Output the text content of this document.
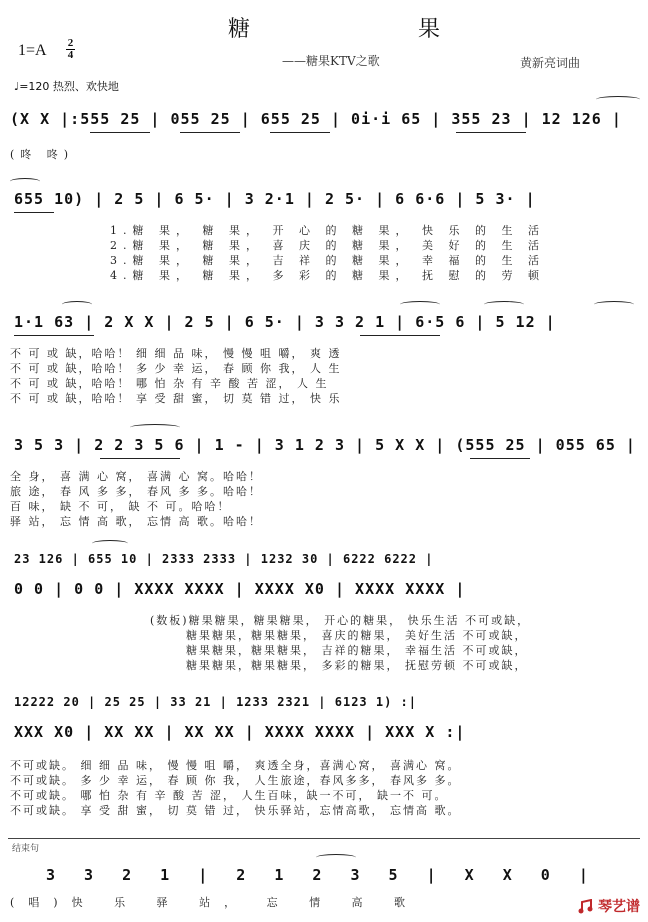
糖	果
1=A 2
4	——糖果KTV之歌	黄新亮词曲
♩=120 热烈、欢快地
(X X |:555 25 | 055 25 | 655 25 | 0i·i 65 | 355 23 | 12 126 |
(咚 咚)
655 10) | 2 5 | 6 5· | 3 2·1 | 2 5· | 6 6·6 | 5 3· |
1.糖 果， 糖 果， 开 心 的 糖 果， 快 乐 的 生 活
2.糖 果， 糖 果， 喜 庆 的 糖 果， 美 好 的 生 活
3.糖 果， 糖 果， 吉 祥 的 糖 果， 幸 福 的 生 活
4.糖 果， 糖 果， 多 彩 的 糖 果， 抚 慰 的 劳 顿
1·1 63 | 2 X X | 2 5 | 6 5· | 3 3 2 1 | 6·5 6 | 5 12 |
不 可 或 缺，哈哈！ 细 细 品 味， 慢 慢 咀 嚼， 爽 透
不 可 或 缺，哈哈！ 多 少 幸 运， 春 顾 你 我， 人 生
不 可 或 缺，哈哈！ 哪 怕 杂 有 辛 酸 苦 涩， 人 生
不 可 或 缺，哈哈！ 享 受 甜 蜜， 切 莫 错 过， 快 乐
3 5 3 | 2 2 3 5 6 | 1 - | 3 1 2 3 | 5 X X | (555 25 | 055 65 |
全 身， 喜 满 心 窝， 喜满 心 窝。哈哈！
旅 途， 春 风 多 多， 春风 多 多。哈哈！
百 味， 缺 不 可， 缺 不 可。哈哈！
驿 站， 忘 情 高 歌， 忘情 高 歌。哈哈！
23 126 | 655 10 | 2333 2333 | 1232 30 | 6222 6222 |
0 0 | 0 0 | XXXX XXXX | XXXX X0 | XXXX XXXX |
(数板)糖果糖果，糖果糖果， 开心的糖果， 快乐生活 不可或缺，
糖果糖果，糖果糖果， 喜庆的糖果， 美好生活 不可或缺，
糖果糖果，糖果糖果， 吉祥的糖果， 幸福生活 不可或缺，
糖果糖果，糖果糖果， 多彩的糖果， 抚慰劳顿 不可或缺，
12222 20 | 25 25 | 33 21 | 1233 2321 | 6123 1) :|
XXX X0 | XX XX | XX XX | XXXX XXXX | XXX X :|
不可或缺。 细 细 品 味， 慢 慢 咀 嚼， 爽透全身，喜满心窝， 喜满心 窝。
不可或缺。 多 少 幸 运， 春 顾 你 我， 人生旅途，春风多多， 春风多 多。
不可或缺。 哪 怕 杂 有 辛 酸 苦 涩， 人生百味，缺一不可， 缺一不 可。
不可或缺。 享 受 甜 蜜， 切 莫 错 过， 快乐驿站，忘情高歌， 忘情高 歌。
结束句
3 3 2 1 | 2 1 2 3 5 | X X 0 |
(唱)快 乐 驿 站， 忘 情 高 歌	琴艺谱
